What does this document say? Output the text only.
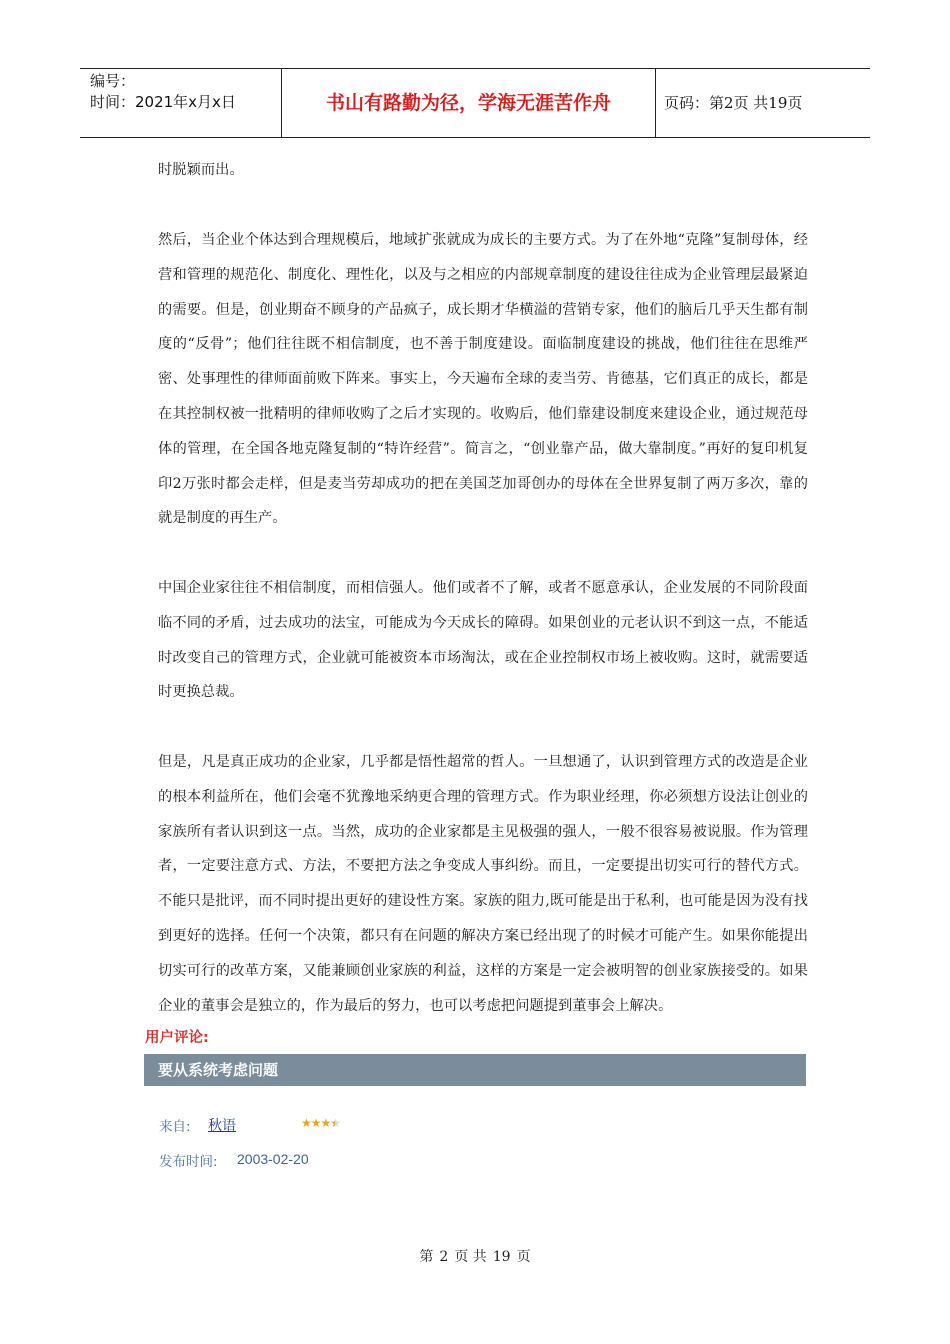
编号：
时间：2021年x月x日	书山有路勤为径，学海无涯苦作舟	页码：第2页 共19页

时脱颖而出。

然后，当企业个体达到合理规模后，地域扩张就成为成长的主要方式。为了在外地“克隆”复制母体，经营和管理的规范化、制度化、理性化，以及与之相应的内部规章制度的建设往往成为企业管理层最紧迫的需要。但是，创业期奋不顾身的产品疯子，成长期才华横溢的营销专家，他们的脑后几乎天生都有制度的“反骨”；他们往往既不相信制度，也不善于制度建设。面临制度建设的挑战，他们往往在思维严密、处事理性的律师面前败下阵来。事实上，今天遍布全球的麦当劳、肯德基，它们真正的成长，都是在其控制权被一批精明的律师收购了之后才实现的。收购后，他们靠建设制度来建设企业，通过规范母体的管理，在全国各地克隆复制的“特许经营”。简言之，“创业靠产品，做大靠制度。”再好的复印机复印2万张时都会走样，但是麦当劳却成功的把在美国芝加哥创办的母体在全世界复制了两万多次，靠的就是制度的再生产。

中国企业家往往不相信制度，而相信强人。他们或者不了解，或者不愿意承认，企业发展的不同阶段面临不同的矛盾，过去成功的法宝，可能成为今天成长的障碍。如果创业的元老认识不到这一点，不能适时改变自己的管理方式，企业就可能被资本市场淘汰，或在企业控制权市场上被收购。这时，就需要适时更换总裁。

但是，凡是真正成功的企业家，几乎都是悟性超常的哲人。一旦想通了，认识到管理方式的改造是企业的根本利益所在，他们会毫不犹豫地采纳更合理的管理方式。作为职业经理，你必须想方设法让创业的家族所有者认识到这一点。当然，成功的企业家都是主见极强的强人，一般不很容易被说服。作为管理者，一定要注意方式、方法，不要把方法之争变成人事纠纷。而且，一定要提出切实可行的替代方式。不能只是批评，而不同时提出更好的建设性方案。家族的阻力,既可能是出于私利，也可能是因为没有找到更好的选择。任何一个决策，都只有在问题的解决方案已经出现了的时候才可能产生。如果你能提出切实可行的改革方案，又能兼顾创业家族的利益，这样的方案是一定会被明智的创业家族接受的。如果企业的董事会是独立的，作为最后的努力，也可以考虑把问题提到董事会上解决。

用户评论:
要从系统考虑问题
来自: 秋语	★★★★ ★
发布时间: 2003-02-20
第 2 页 共 19 页
